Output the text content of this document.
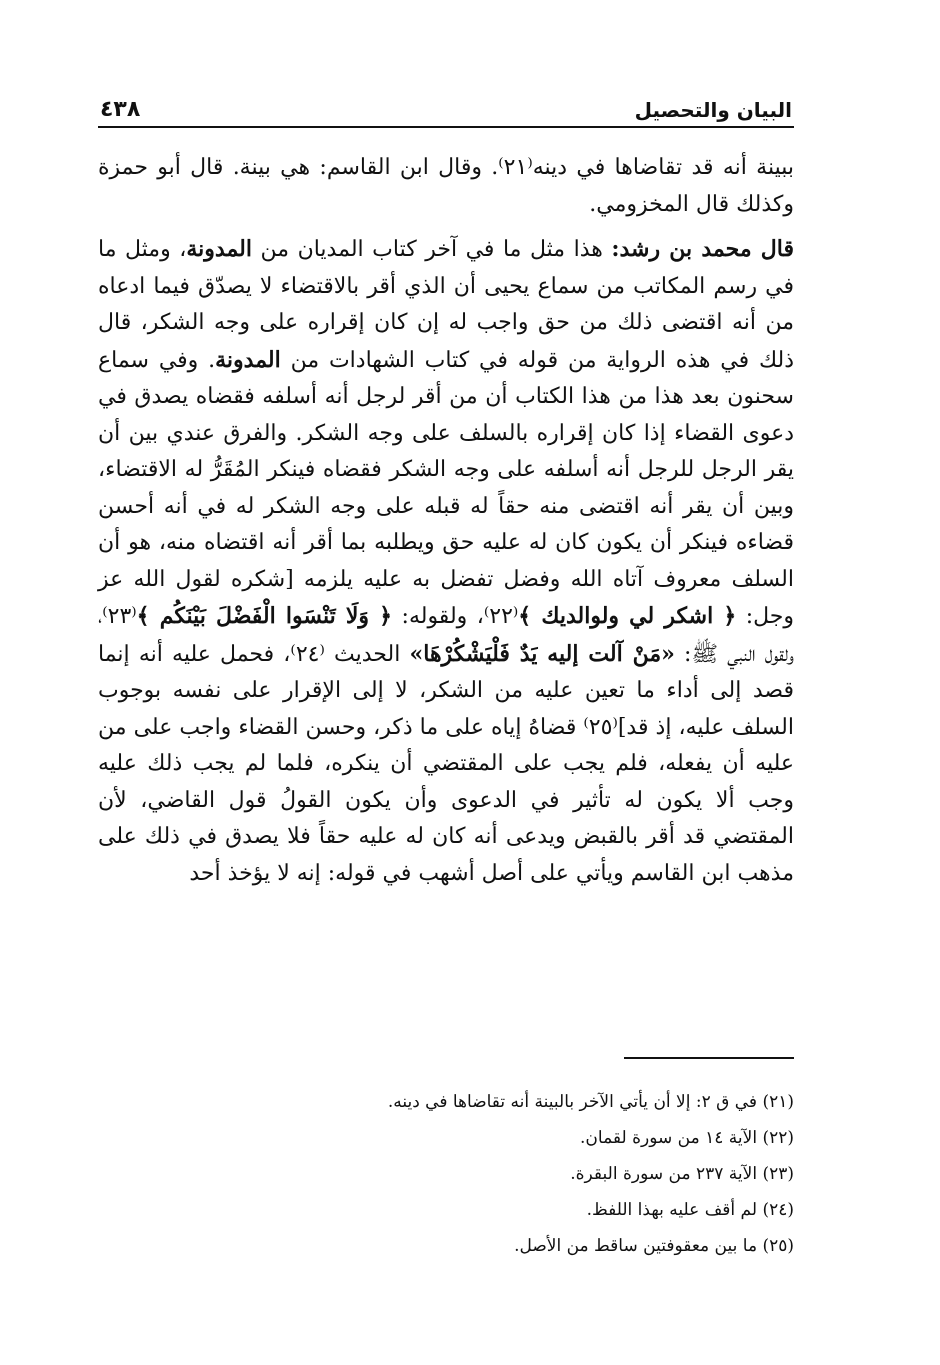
البيان والتحصيل
٤٣٨

ببينة أنه قد تقاضاها في دينه⁽٢١⁾. وقال ابن القاسم: هي بينة. قال أبو حمزة وكذلك قال المخزومي.

قال محمد بن رشد: هذا مثل ما في آخر كتاب المديان من المدونة، ومثل ما في رسم المكاتب من سماع يحيى أن الذي أقر بالاقتضاء لا يصدّق فيما ادعاه من أنه اقتضى ذلك من حق واجب له إن كان إقراره على وجه الشكر، قال ذلك في هذه الرواية من قوله في كتاب الشهادات من المدونة. وفي سماع سحنون بعد هذا من هذا الكتاب أن من أقر لرجل أنه أسلفه فقضاه يصدق في دعوى القضاء إذا كان إقراره بالسلف على وجه الشكر. والفرق عندي بين أن يقر الرجل للرجل أنه أسلفه على وجه الشكر فقضاه فينكر المُقَرُّ له الاقتضاء، وبين أن يقر أنه اقتضى منه حقاً له قبله على وجه الشكر له في أنه أحسن قضاءه فينكر أن يكون كان له عليه حق ويطلبه بما أقر أنه اقتضاه منه، هو أن السلف معروف آتاه الله وفضل تفضل به عليه يلزمه [شكره لقول الله عز وجل: ﴿ اشكر لي ولوالديك ﴾⁽٢٢⁾، ولقوله: ﴿ وَلَا تَنْسَوا الْفَضْلَ بَيْنَكُم ﴾⁽٢٣⁾، ولقول النبي ﷺ: «مَنْ آلت إليه يَدٌ فَلْيَشْكُرْهَا» الحديث ⁽٢٤⁾، فحمل عليه أنه إنما قصد إلى أداء ما تعين عليه من الشكر، لا إلى الإقرار على نفسه بوجوب السلف عليه، إذ قد]⁽٢٥⁾ قضاهُ إياه على ما ذكر، وحسن القضاء واجب على من عليه أن يفعله، فلم يجب على المقتضي أن ينكره، فلما لم يجب ذلك عليه وجب ألا يكون له تأثير في الدعوى وأن يكون القولُ قول القاضي، لأن المقتضي قد أقر بالقبض ويدعى أنه كان له عليه حقاً فلا يصدق في ذلك على مذهب ابن القاسم ويأتي على أصل أشهب في قوله: إنه لا يؤخذ أحد

(٢١) في ق ٢: إلا أن يأتي الآخر بالبينة أنه تقاضاها في دينه.

(٢٢) الآية ١٤ من سورة لقمان.

(٢٣) الآية ٢٣٧ من سورة البقرة.

(٢٤) لم أقف عليه بهذا اللفظ.

(٢٥) ما بين معقوفتين ساقط من الأصل.
